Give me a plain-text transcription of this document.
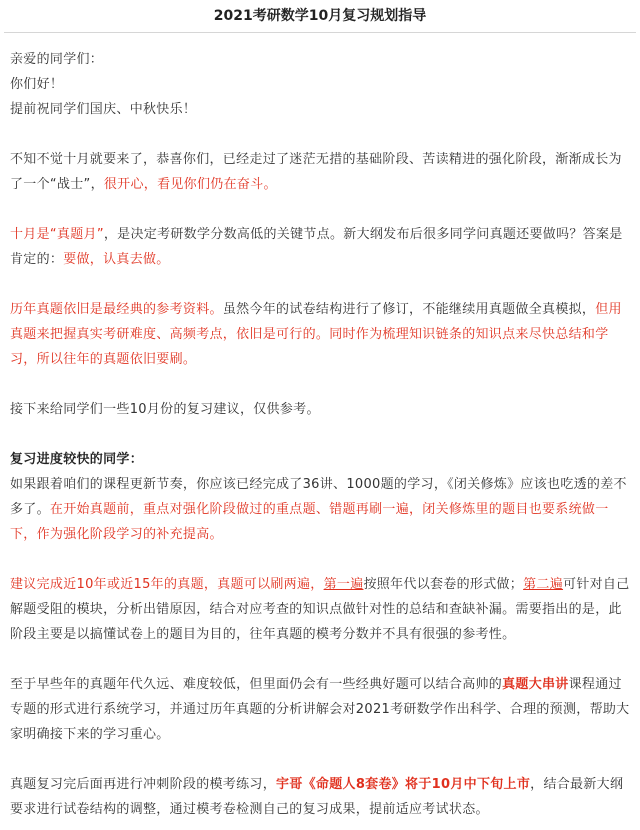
2021考研数学10月复习规划指导

亲爱的同学们：

你们好！

提前祝同学们国庆、中秋快乐！

不知不觉十月就要来了，恭喜你们，已经走过了迷茫无措的基础阶段、苦读精进的强化阶段，渐渐成长为了一个“战士”，很开心，看见你们仍在奋斗。

十月是“真题月”，是决定考研数学分数高低的关键节点。新大纲发布后很多同学问真题还要做吗？答案是肯定的：要做，认真去做。

历年真题依旧是最经典的参考资料。虽然今年的试卷结构进行了修订，不能继续用真题做全真模拟，但用真题来把握真实考研难度、高频考点，依旧是可行的。同时作为梳理知识链条的知识点来尽快总结和学习，所以往年的真题依旧要刷。

接下来给同学们一些10月份的复习建议，仅供参考。

复习进度较快的同学：

如果跟着咱们的课程更新节奏，你应该已经完成了36讲、1000题的学习，《闭关修炼》应该也吃透的差不多了。在开始真题前，重点对强化阶段做过的重点题、错题再刷一遍，闭关修炼里的题目也要系统做一下，作为强化阶段学习的补充提高。

建议完成近10年或近15年的真题，真题可以刷两遍，第一遍按照年代以套卷的形式做；第二遍可针对自己解题受阻的模块，分析出错原因，结合对应考查的知识点做针对性的总结和查缺补漏。需要指出的是，此阶段主要是以搞懂试卷上的题目为目的，往年真题的模考分数并不具有很强的参考性。

至于早些年的真题年代久远、难度较低，但里面仍会有一些经典好题可以结合高帅的真题大串讲课程通过专题的形式进行系统学习，并通过历年真题的分析讲解会对2021考研数学作出科学、合理的预测，帮助大家明确接下来的学习重心。

真题复习完后面再进行冲刺阶段的模考练习，宇哥《命题人8套卷》将于10月中下旬上市，结合最新大纲要求进行试卷结构的调整，通过模考卷检测自己的复习成果，提前适应考试状态。
